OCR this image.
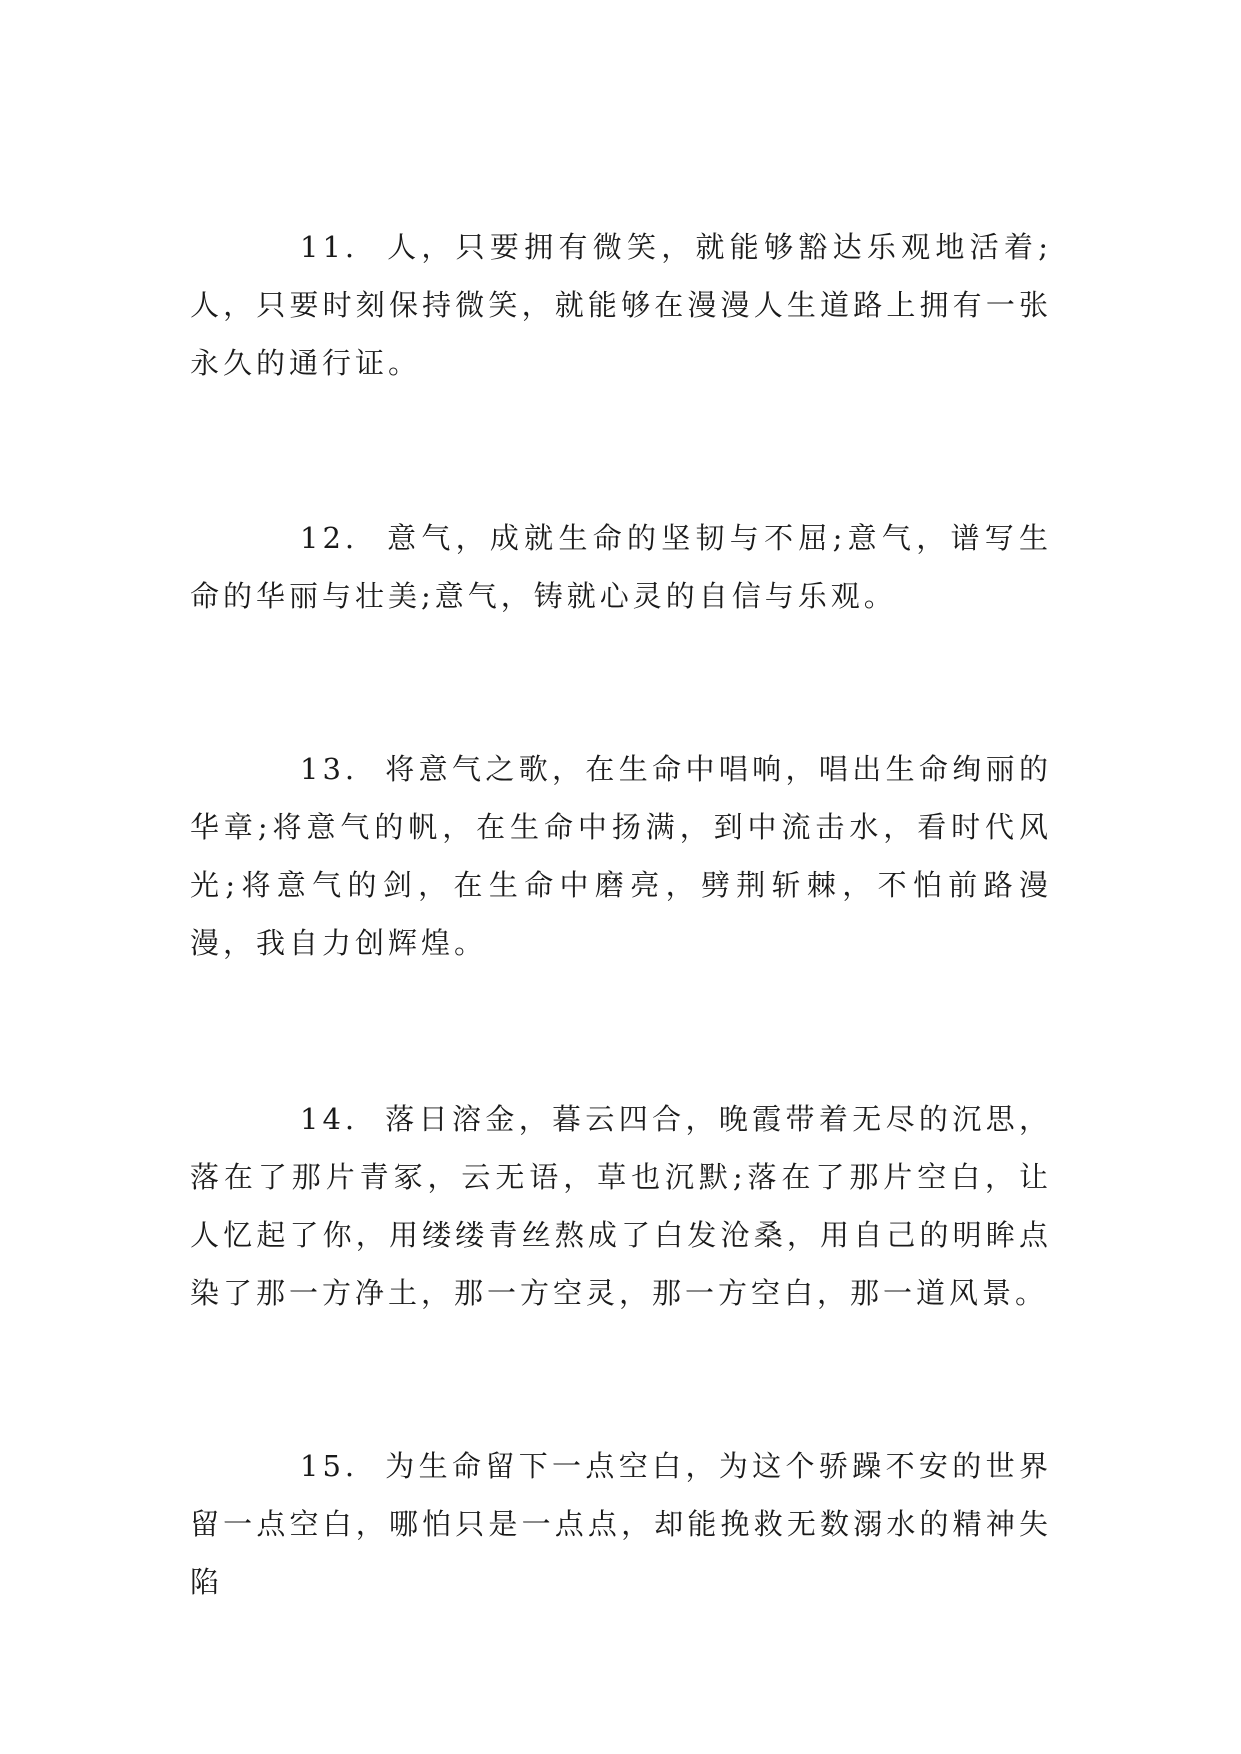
11. 人，只要拥有微笑，就能够豁达乐观地活着;人，只要时刻保持微笑，就能够在漫漫人生道路上拥有一张永久的通行证。

12. 意气，成就生命的坚韧与不屈;意气，谱写生命的华丽与壮美;意气，铸就心灵的自信与乐观。

13. 将意气之歌，在生命中唱响，唱出生命绚丽的华章;将意气的帆，在生命中扬满，到中流击水，看时代风光;将意气的剑，在生命中磨亮，劈荆斩棘，不怕前路漫漫，我自力创辉煌。

14. 落日溶金，暮云四合，晚霞带着无尽的沉思，落在了那片青冢，云无语，草也沉默;落在了那片空白，让人忆起了你，用缕缕青丝熬成了白发沧桑，用自己的明眸点染了那一方净土，那一方空灵，那一方空白，那一道风景。

15. 为生命留下一点空白，为这个骄躁不安的世界留一点空白，哪怕只是一点点，却能挽救无数溺水的精神失陷
